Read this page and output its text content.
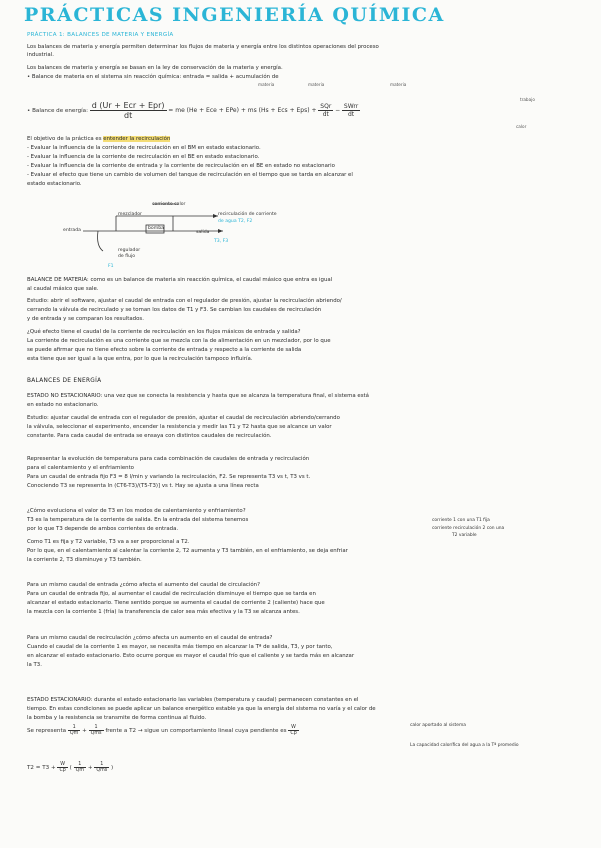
PRÁCTICAS INGENIERÍA QUÍMICA
PRÁCTICA 1: BALANCES DE MATERIA Y ENERGÍA
Los balances de materia y energía permiten determinar los flujos de materia y energía entre los distintos operaciones del proceso
industrial.
Los balances de materia y energía se basan en la ley de conservación de la materia y energía.
• Balance de materia en el sistema sin reacción química: entrada = salida + acumulación de
materia	materia	materia
• Balance de energía: $\frac{\text{d (Ur + Ecr + Epr)}}{dt}$ = me (He + Ece + EPe) + ms (Hs + Ecs + $Eps) + \frac{\text{SQr}}{dt} - \frac{\text{SWrr}}{dt}$
trabajo
calor
El objetivo de la práctica es entender la recirculación
- Evaluar la influencia de la corriente de recirculación en el BM en estado estacionario.
- Evaluar la influencia de la corriente de recirculación en el BE en estado estacionario.
- Evaluar la influencia de la corriente de entrada y la corriente de recirculación en el BE en estado no estacionario
- Evaluar el efecto que tiene un cambio de volumen del tanque de recirculación en el tiempo que se tarda en alcanzar el
estado estacionario.
entrada
mezclador
bomba
salida
corriente calor
recirculación de corriente
de agua T2, F2
T3, F3
regulador
de flujo
F1
BALANCE DE MATERIA: como es un balance de materia sin reacción química, el caudal másico que entra es igual
al caudal másico que sale.
Estudio: abrir el software, ajustar el caudal de entrada con el regulador de presión, ajustar la recirculación abriendo/
cerrando la válvula de recirculado y se toman los datos de T1 y F3. Se cambian los caudales de recirculación
y de entrada y se comparan los resultados.
¿Qué efecto tiene el caudal de la corriente de recirculación en los flujos másicos de entrada y salida?
La corriente de recirculación es una corriente que se mezcla con la de alimentación en un mezclador, por lo que
se puede afirmar que no tiene efecto sobre la corriente de entrada y respecto a la corriente de salida
esta tiene que ser igual a la que entra, por lo que la recirculación tampoco influiría.
BALANCES DE ENERGÍA
ESTADO NO ESTACIONARIO: una vez que se conecta la resistencia y hasta que se alcanza la temperatura final, el sistema está
en estado no estacionario.
Estudio: ajustar caudal de entrada con el regulador de presión, ajustar el caudal de recirculación abriendo/cerrando
la válvula, seleccionar el experimento, encender la resistencia y medir las T1 y T2 hasta que se alcance un valor
constante. Para cada caudal de entrada se ensaya con distintos caudales de recirculación.
Representar la evolución de temperatura para cada combinación de caudales de entrada y recirculación
para el calentamiento y el enfriamiento
Para un caudal de entrada fijo F3 = 8 l/min y variando la recirculación, F2. Se representa T3 vs t, T3 vs t.
Conociendo T3 se representa ln (CT6-T3)/(T5-T3)] vs t. Hay se ajusta a una línea recta
¿Cómo evoluciona el valor de T3 en los modos de calentamiento y enfriamiento?
T3 es la temperatura de la corriente de salida. En la entrada del sistema tenemos
por lo que T3 depende de ambos corrientes de entrada.
Como T1 es fija y T2 variable, T3 va a ser proporcional a T2.
Por lo que, en el calentamiento al calentar la corriente 2, T2 aumenta y T3 también, en el enfriamiento, se deja enfriar
la corriente 2, T3 disminuye y T3 también.
corriente 1 con una T1 fija
corriente recirculación 2 con una
T2 variable
Para un mismo caudal de entrada ¿cómo afecta el aumento del caudal de circulación?
Para un caudal de entrada fijo, al aumentar el caudal de recirculación disminuye el tiempo que se tarda en
alcanzar el estado estacionario. Tiene sentido porque se aumenta el caudal de corriente 2 (caliente) hace que
la mezcla con la corriente 1 (fría) la transferencia de calor sea más efectiva y la T3 se alcanza antes.
Para un mismo caudal de recirculación ¿cómo afecta un aumento en el caudal de entrada?
Cuando el caudal de la corriente 1 es mayor, se necesita más tiempo en alcanzar la Tª de salida, T3, y por tanto,
en alcanzar el estado estacionario. Esto ocurre porque es mayor el caudal frío que el caliente y se tarda más en alcanzar
la T3.
ESTADO ESTACIONARIO: durante el estado estacionario las variables (temperatura y caudal) permanecen constantes en el
tiempo. En estas condiciones se puede aplicar un balance energético estable ya que la energía del sistema no varía y el calor de
la bomba y la resistencia se transmite de forma continua al fluido.
Se representa $\frac{1}{Qm} + \frac{1}{\text{Qms}}$ frente a T2 → sigue un comportamiento lineal cuya pendiente es $\frac{W}{Cp}$	calor aportado al sistema
La capacidad calorífica del agua a la Tª promedio
$T2 = T3 + \frac{W}{Cp}$ ( $\frac{1}{Qm} + \frac{1}{\text{Qms}}$ )
